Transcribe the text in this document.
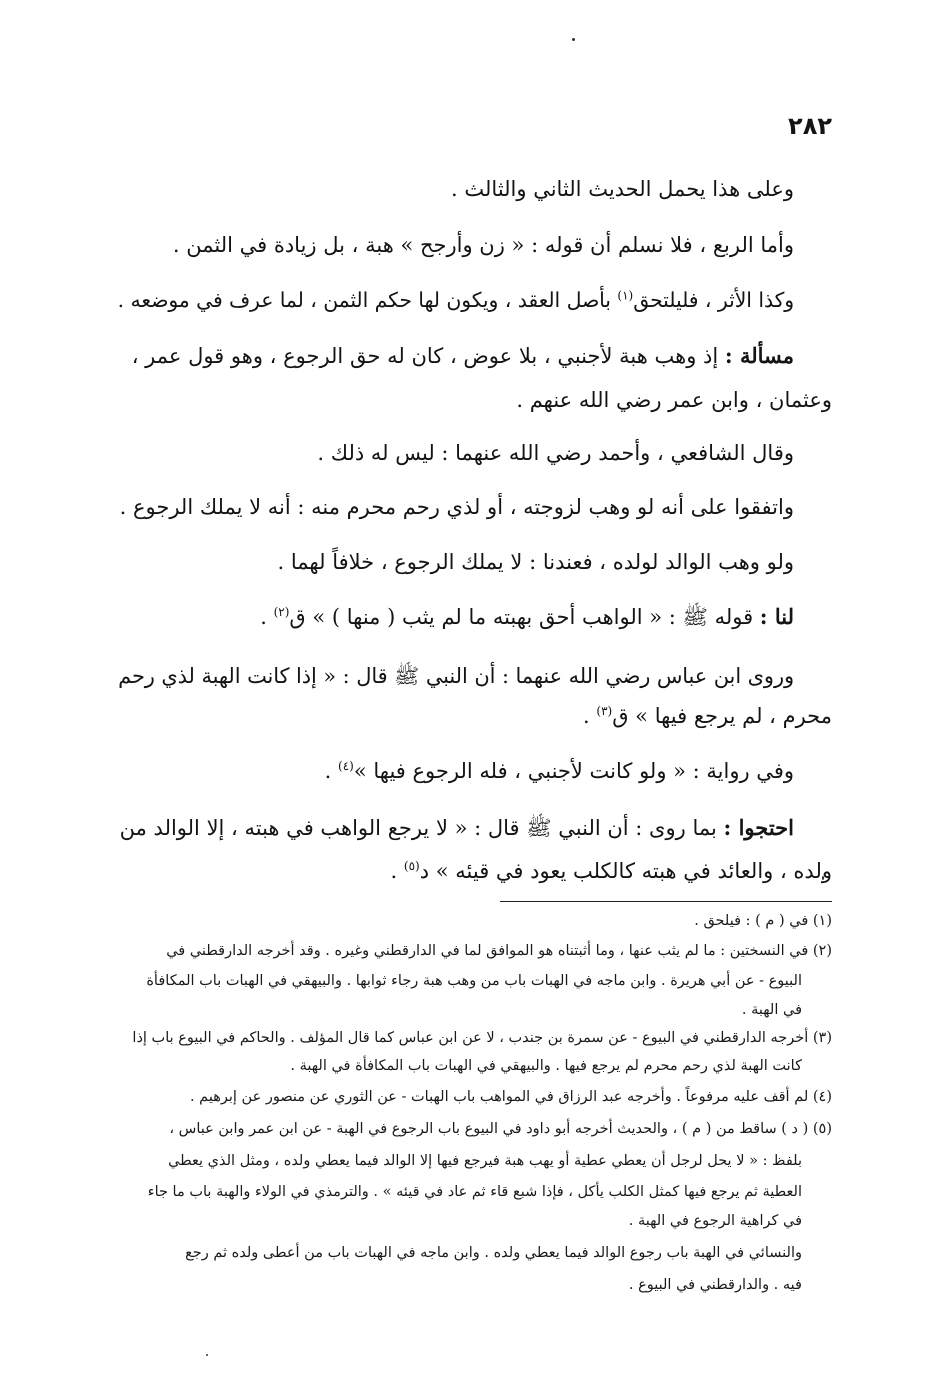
٢٨٢
وعلى هذا يحمل الحديث الثاني والثالث .
وأما الربع ، فلا نسلم أن قوله : « زن وأرجح » هبة ، بل زيادة في الثمن .
وكذا الأثر ، فليلتحق$^{(١)}$ بأصل العقد ، ويكون لها حكم الثمن ، لما عرف في موضعه .
مسألة : إذ وهب هبة لأجنبي ، بلا عوض ، كان له حق الرجوع ، وهو قول عمر ،
وعثمان ، وابن عمر رضي الله عنهم .
وقال الشافعي ، وأحمد رضي الله عنهما : ليس له ذلك .
واتفقوا على أنه لو وهب لزوجته ، أو لذي رحم محرم منه : أنه لا يملك الرجوع .
ولو وهب الوالد لولده ، فعندنا : لا يملك الرجوع ، خلافاً لهما .
لنا : قوله ﷺ : « الواهب أحق بهبته ما لم يثب ( منها ) » ق$^{(٢)}$ .
وروى ابن عباس رضي الله عنهما : أن النبي ﷺ قال : « إذا كانت الهبة لذي رحم
محرم ، لم يرجع فيها » ق$^{(٣)}$ .
وفي رواية : « ولو كانت لأجنبي ، فله الرجوع فيها »$^{(٤)}$ .
احتجوا : بما روى : أن النبي ﷺ قال : « لا يرجع الواهب في هبته ، إلا الوالد من
ولده ، والعائد في هبته كالكلب يعود في قيئه » د$^{(٥)}$ .
(١) في ( م ) : فيلحق .
(٢) في النسختين : ما لم يثب عنها ، وما أثبتناه هو الموافق لما في الدارقطني وغيره . وقد أخرجه الدارقطني في
البيوع - عن أبي هريرة . وابن ماجه في الهبات باب من وهب هبة رجاء ثوابها . والبيهقي في الهبات باب المكافأة
في الهبة .
(٣) أخرجه الدارقطني في البيوع - عن سمرة بن جندب ، لا عن ابن عباس كما قال المؤلف . والحاكم في البيوع باب إذا
كانت الهبة لذي رحم محرم لم يرجع فيها . والبيهقي في الهبات باب المكافأة في الهبة .
(٤) لم أقف عليه مرفوعاً . وأخرجه عبد الرزاق في المواهب باب الهبات - عن الثوري عن منصور عن إبرهيم .
(٥) ( د ) ساقط من ( م ) ، والحديث أخرجه أبو داود في البيوع باب الرجوع في الهبة - عن ابن عمر وابن عباس ،
بلفظ : « لا يحل لرجل أن يعطي عطية أو يهب هبة فيرجع فيها إلا الوالد فيما يعطي ولده ، ومثل الذي يعطي
العطية ثم يرجع فيها كمثل الكلب يأكل ، فإذا شبع قاء ثم عاد في قيئه » . والترمذي في الولاء والهبة باب ما جاء
في كراهية الرجوع في الهبة .
والنسائي في الهبة باب رجوع الوالد فيما يعطي ولده . وابن ماجه في الهبات باب من أعطى ولده ثم رجع
فيه . والدارقطني في البيوع .
